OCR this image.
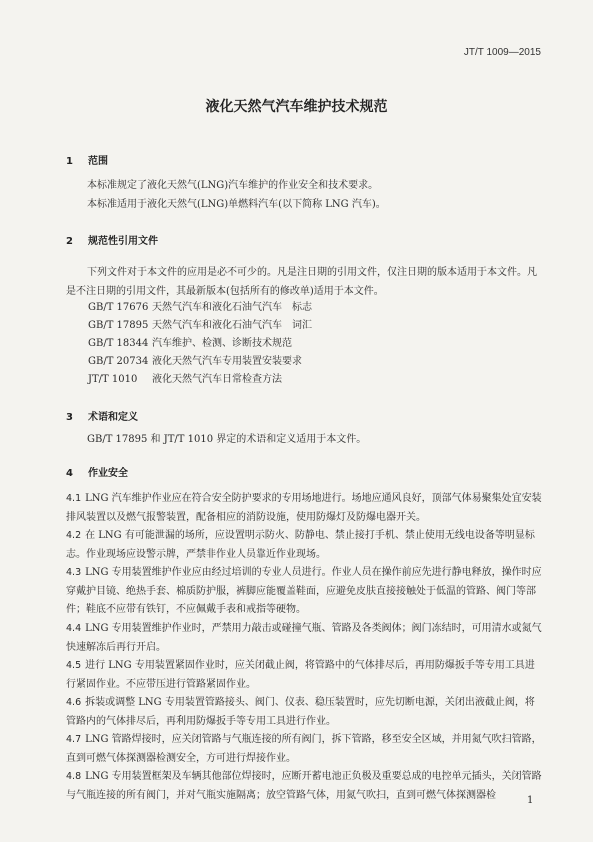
JT/T 1009—2015
液化天然气汽车维护技术规范
1 范围
本标准规定了液化天然气(LNG)汽车维护的作业安全和技术要求。
本标准适用于液化天然气(LNG)单燃料汽车(以下简称 LNG 汽车)。
2 规范性引用文件
下列文件对于本文件的应用是必不可少的。凡是注日期的引用文件，仅注日期的版本适用于本文件。凡是不注日期的引用文件，其最新版本(包括所有的修改单)适用于本文件。
GB/T 17676 天然气汽车和液化石油气汽车　标志
GB/T 17895 天然气汽车和液化石油气汽车　词汇
GB/T 18344 汽车维护、检测、诊断技术规范
GB/T 20734 液化天然气汽车专用装置安装要求
JT/T 1010 液化天然气汽车日常检查方法
3 术语和定义
GB/T 17895 和 JT/T 1010 界定的术语和定义适用于本文件。
4 作业安全
4.1 LNG 汽车维护作业应在符合安全防护要求的专用场地进行。场地应通风良好，顶部气体易聚集处宜安装排风装置以及燃气报警装置，配备相应的消防设施，使用防爆灯及防爆电器开关。
4.2 在 LNG 有可能泄漏的场所，应设置明示防火、防静电、禁止接打手机、禁止使用无线电设备等明显标志。作业现场应设警示牌，严禁非作业人员靠近作业现场。
4.3 LNG 专用装置维护作业应由经过培训的专业人员进行。作业人员在操作前应先进行静电释放，操作时应穿戴护目镜、绝热手套、棉质防护服，裤脚应能覆盖鞋面，应避免皮肤直接接触处于低温的管路、阀门等部件；鞋底不应带有铁钉，不应佩戴手表和戒指等硬物。
4.4 LNG 专用装置维护作业时，严禁用力敲击或碰撞气瓶、管路及各类阀体；阀门冻结时，可用清水或氮气快速解冻后再行开启。
4.5 进行 LNG 专用装置紧固作业时，应关闭截止阀，将管路中的气体排尽后，再用防爆扳手等专用工具进行紧固作业。不应带压进行管路紧固作业。
4.6 拆装或调整 LNG 专用装置管路接头、阀门、仪表、稳压装置时，应先切断电源，关闭出液截止阀，将管路内的气体排尽后，再利用防爆扳手等专用工具进行作业。
4.7 LNG 管路焊接时，应关闭管路与气瓶连接的所有阀门，拆下管路，移至安全区域，并用氮气吹扫管路，直到可燃气体探测器检测安全，方可进行焊接作业。
4.8 LNG 专用装置框架及车辆其他部位焊接时，应断开蓄电池正负极及重要总成的电控单元插头，关闭管路与气瓶连接的所有阀门，并对气瓶实施隔离；放空管路气体，用氮气吹扫，直到可燃气体探测器检	1
